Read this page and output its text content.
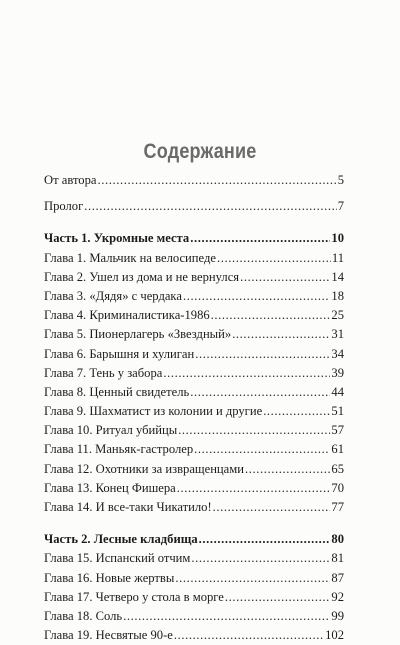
Содержание
От автора .....	5
Пролог .....	7
Часть 1. Укромные места .....	10
Глава 1. Мальчик на велосипеде .....	11
Глава 2. Ушел из дома и не вернулся .....	14
Глава 3. «Дядя» с чердака .....	18
Глава 4. Криминалистика-1986 .....	25
Глава 5. Пионерлагерь «Звездный» .....	31
Глава 6. Барышня и хулиган .....	34
Глава 7. Тень у забора .....	39
Глава 8. Ценный свидетель .....	44
Глава 9. Шахматист из колонии и другие .....	51
Глава 10. Ритуал убийцы .....	57
Глава 11. Маньяк-гастролер .....	61
Глава 12. Охотники за извращенцами .....	65
Глава 13. Конец Фишера .....	70
Глава 14. И все-таки Чикатило! .....	77
Часть 2. Лесные кладбища .....	80
Глава 15. Испанский отчим .....	81
Глава 16. Новые жертвы .....	87
Глава 17. Четверо у стола в морге .....	92
Глава 18. Соль .....	99
Глава 19. Несвятые 90-е .....	102
